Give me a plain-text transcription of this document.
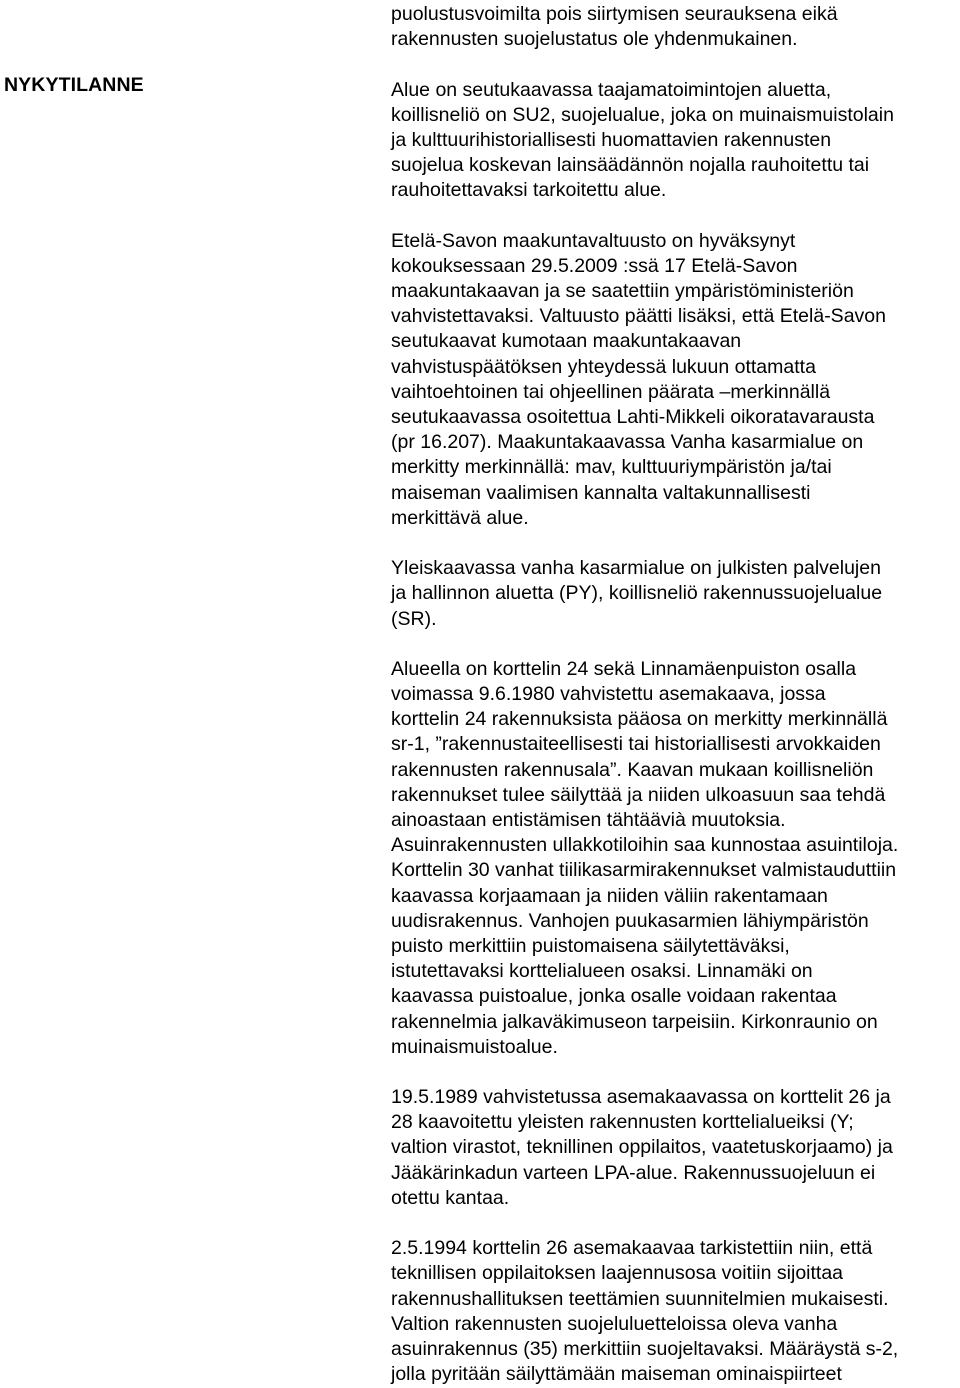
NYKYTILANNE

puolustusvoimilta pois siirtymisen seurauksena eikä
rakennusten suojelustatus ole yhdenmukainen.

Alue on seutukaavassa taajamatoimintojen aluetta,
koillisneliö on SU2, suojelualue, joka on muinaismuistolain
ja kulttuurihistoriallisesti huomattavien rakennusten
suojelua koskevan lainsäädännön nojalla rauhoitettu tai
rauhoitettavaksi tarkoitettu alue.

Etelä-Savon maakuntavaltuusto on hyväksynyt
kokouksessaan 29.5.2009 :ssä 17 Etelä-Savon
maakuntakaavan ja se saatettiin ympäristöministeriön
vahvistettavaksi. Valtuusto päätti lisäksi, että Etelä-Savon
seutukaavat kumotaan maakuntakaavan
vahvistuspäätöksen yhteydessä lukuun ottamatta
vaihtoehtoinen tai ohjeellinen päärata –merkinnällä
seutukaavassa osoitettua Lahti-Mikkeli oikoratavarausta
(pr 16.207). Maakuntakaavassa Vanha kasarmialue on
merkitty merkinnällä: mav, kulttuuriympäristön ja/tai
maiseman vaalimisen kannalta valtakunnallisesti
merkittävä alue.

Yleiskaavassa vanha kasarmialue on julkisten palvelujen
ja hallinnon aluetta (PY), koillisneliö rakennussuojelualue
(SR).

Alueella on korttelin 24 sekä Linnamäenpuiston osalla
voimassa 9.6.1980 vahvistettu asemakaava, jossa
korttelin 24 rakennuksista pääosa on merkitty merkinnällä
sr-1, ”rakennustaiteellisesti tai historiallisesti arvokkaiden
rakennusten rakennusala”. Kaavan mukaan koillisneliön
rakennukset tulee säilyttää ja niiden ulkoasuun saa tehdä
ainoastaan entistämisen tähtäävià muutoksia.
Asuinrakennusten ullakkotiloihin saa kunnostaa asuintiloja.
Korttelin 30 vanhat tiilikasarmirakennukset valmistauduttiin
kaavassa korjaamaan ja niiden väliin rakentamaan
uudisrakennus. Vanhojen puukasarmien lähiympäristön
puisto merkittiin puistomaisena säilytettäväksi,
istutettavaksi korttelialueen osaksi. Linnamäki on
kaavassa puistoalue, jonka osalle voidaan rakentaa
rakennelmia jalkaväkimuseon tarpeisiin. Kirkonraunio on
muinaismuistoalue.

19.5.1989 vahvistetussa asemakaavassa on korttelit 26 ja
28 kaavoitettu yleisten rakennusten korttelialueiksi (Y;
valtion virastot, teknillinen oppilaitos, vaatetuskorjaamo) ja
Jääkärinkadun varteen LPA-alue. Rakennussuojeluun ei
otettu kantaa.

2.5.1994 korttelin 26 asemakaavaa tarkistettiin niin, että
teknillisen oppilaitoksen laajennusosa voitiin sijoittaa
rakennushallituksen teettämien suunnitelmien mukaisesti.
Valtion rakennusten suojeluluetteloissa oleva vanha
asuinrakennus (35) merkittiin suojeltavaksi. Määräystä s-2,
jolla pyritään säilyttämään maiseman ominaispiirteet
